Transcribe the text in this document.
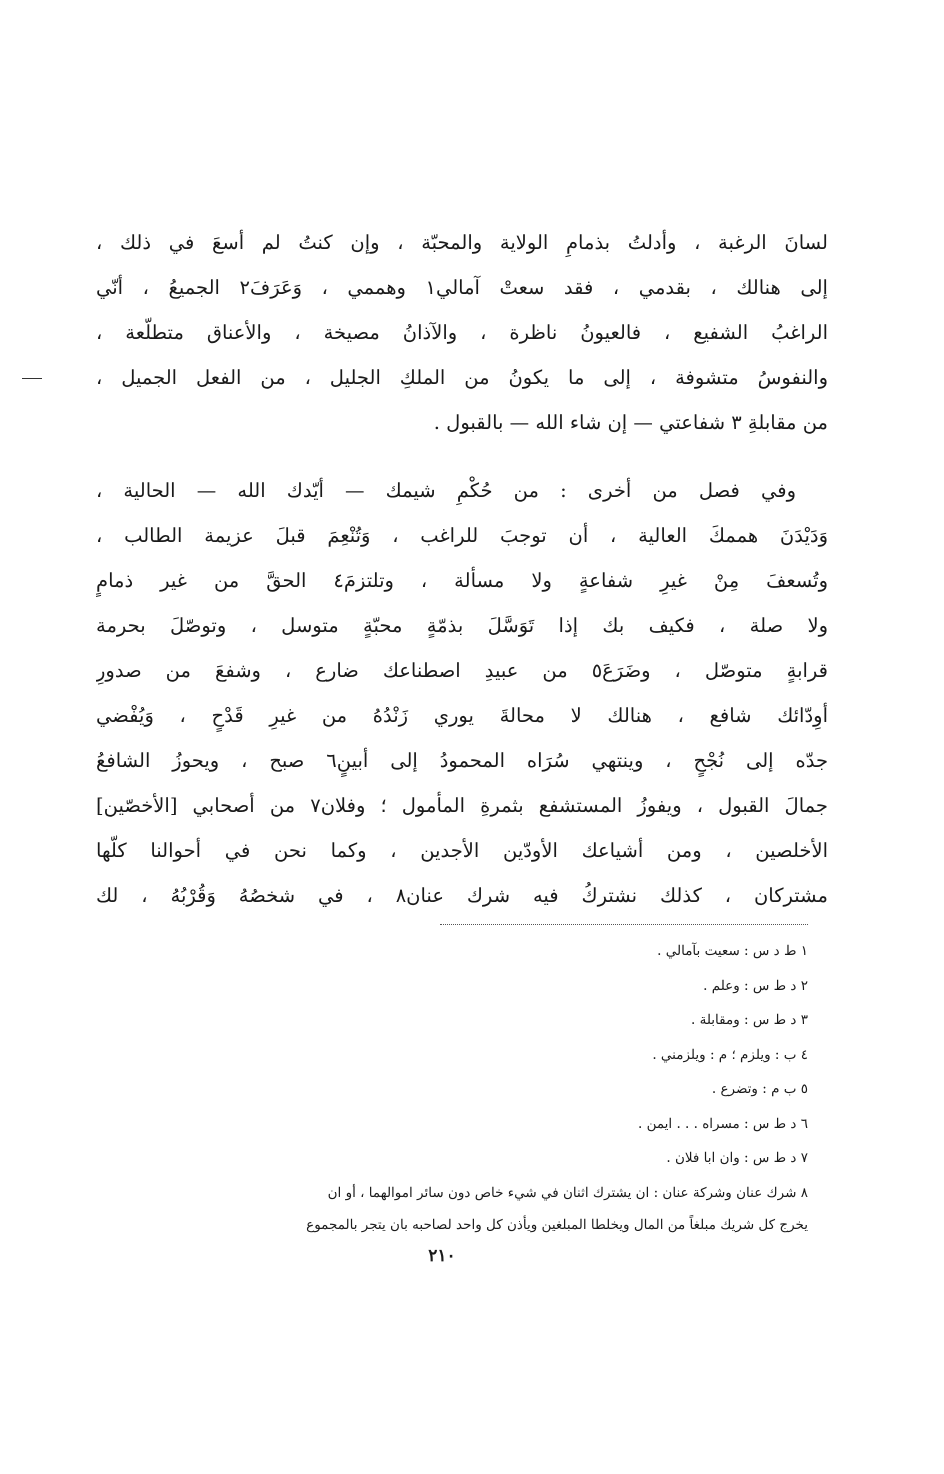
لسانَ الرغبة ، وأدلتُ بذمامِ الولاية والمحبّة ، وإن كنتُ لم أسعَ في ذلك ،
إلى هنالك ، بقدمي ، فقد سعتْ آمالي١ وهممي ، وَعَرَفَ٢ الجميعُ ، أنّي
الراغبُ الشفيع ، فالعيونُ ناظرة ، والآذانُ مصيخة ، والأعناق متطلّعة ،
والنفوسُ متشوفة ، إلى ما يكونُ من الملكِ الجليل ، من الفعل الجميل ،
من مقابلةِ ٣ شفاعتي — إن شاء الله — بالقبول .
وفي فصل من أخرى : من حُكْمِ شيمك — أيّدك الله — الحالية ،
وَدَيْدَنَ هممكَ العالية ، أن توجبَ للراغب ، وَتُنْعِمَ قبلَ عزيمة الطالب ،
وتُسعفَ مِنْ غيرِ شفاعةٍ ولا مسألة ، وتلتزمَ٤ الحقَّ من غير ذمامٍ
ولا صلة ، فكيف بك إذا تَوَسَّلَ بذمّةٍ محبّةٍ متوسل ، وتوصّلَ بحرمة
قرابةٍ متوصّل ، وضَرَعَ٥ من عبيدِ اصطناعك ضارع ، وشفعَ من صدورِ
أوِدّائك شافع ، هنالك لا محالةَ يوري زَنْدُهُ من غيرِ قَدْحٍ ، وَيُفْضي
جدّه إلى نُجْحٍ ، وينتهي سُرَاه المحمودُ إلى أبينٍ٦ صبح ، ويحوزُ الشافعُ
جمالَ القبول ، ويفوزُ المستشفع بثمرةِ المأمول ؛ وفلان٧ من أصحابي [الأخصّين]
الأخلصين ، ومن أشياعك الأودّين الأجدين ، وكما نحن في أحوالنا كلّها
مشتركان ، كذلك نشتركُ فيه شرك عنان٨ ، في شخصُهُ وَقُرْبُهُ ، لك
١ ط د س : سعيت بآمالي .
٢ د ط س : وعلم .
٣ د ط س : ومقابلة .
٤ ب : ويلزم ؛ م : ويلزمني .
٥ ب م : وتضرع .
٦ د ط س : مسراه . . . ايمن .
٧ د ط س : وان ابا فلان .
٨ شرك عنان وشركة عنان : ان يشترك اثنان في شيء خاص دون سائر اموالهما ، أو ان
يخرج كل شريك مبلغاً من المال ويخلطا المبلغين ويأذن كل واحد لصاحبه بان يتجر بالمجموع
٢١٠
